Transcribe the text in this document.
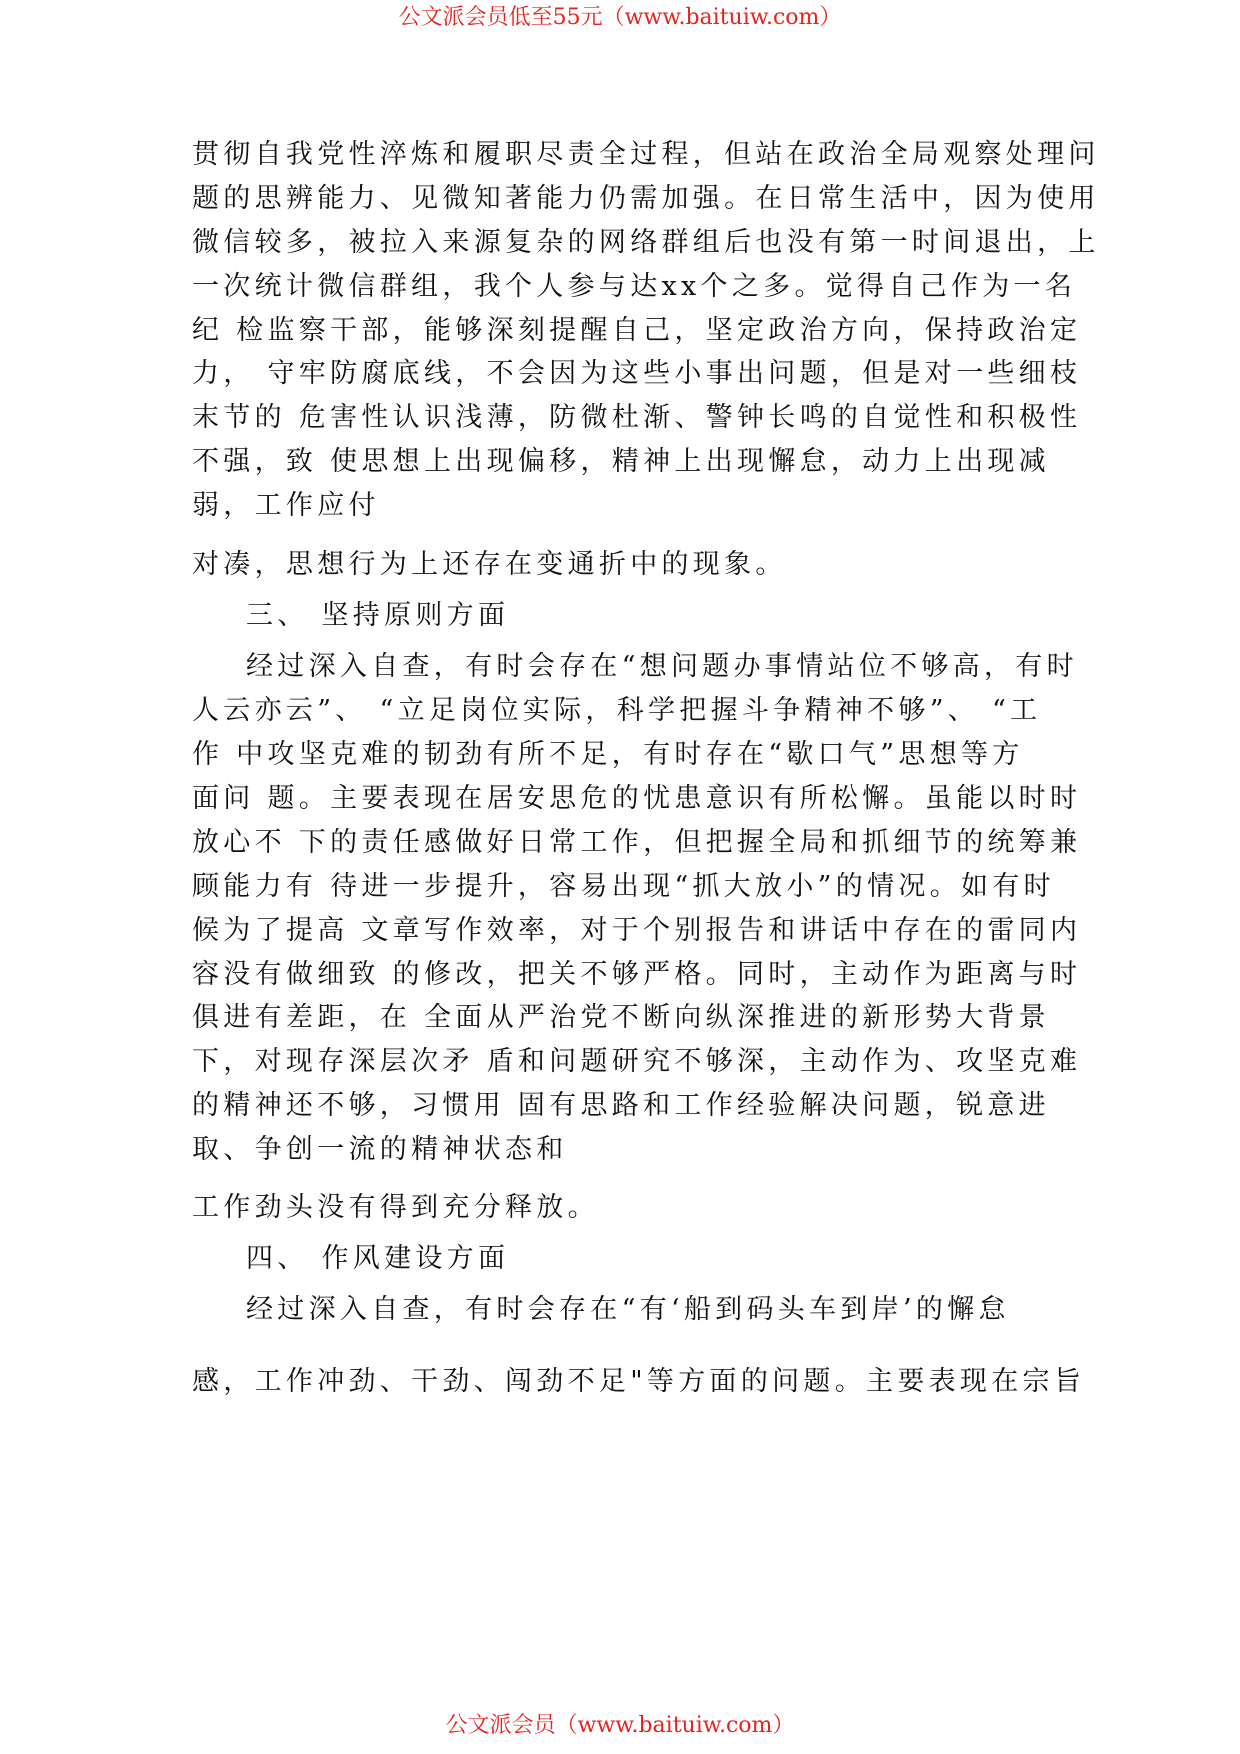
公文派会员低至55元（www.baituiw.com）
贯彻自我党性淬炼和履职尽责全过程，但站在政治全局观察处理问
题的思辨能力、见微知著能力仍需加强。在日常生活中，因为使用
微信较多，被拉入来源复杂的网络群组后也没有第一时间退出，上
一次统计微信群组，我个人参与达xx个之多。觉得自己作为一名
纪 检监察干部，能够深刻提醒自己，坚定政治方向，保持政治定
力， 守牢防腐底线，不会因为这些小事出问题，但是对一些细枝
末节的 危害性认识浅薄，防微杜渐、警钟长鸣的自觉性和积极性
不强，致 使思想上出现偏移，精神上出现懈怠，动力上出现减
弱，工作应付
对凑，思想行为上还存在变通折中的现象。
三、 坚持原则方面
经过深入自查，有时会存在“想问题办事情站位不够高，有时
人云亦云”、 “立足岗位实际，科学把握斗争精神不够”、 “工
作 中攻坚克难的韧劲有所不足，有时存在“歇口气”思想等方
面问 题。主要表现在居安思危的忧患意识有所松懈。虽能以时时
放心不 下的责任感做好日常工作，但把握全局和抓细节的统筹兼
顾能力有 待进一步提升，容易出现“抓大放小”的情况。如有时
候为了提高 文章写作效率，对于个别报告和讲话中存在的雷同内
容没有做细致 的修改，把关不够严格。同时，主动作为距离与时
俱进有差距，在 全面从严治党不断向纵深推进的新形势大背景
下，对现存深层次矛 盾和问题研究不够深，主动作为、攻坚克难
的精神还不够，习惯用 固有思路和工作经验解决问题，锐意进
取、争创一流的精神状态和
工作劲头没有得到充分释放。
四、 作风建设方面
经过深入自查，有时会存在“有‘船到码头车到岸’的懈怠
感，工作冲劲、干劲、闯劲不足"等方面的问题。主要表现在宗旨
公文派会员（www.baituiw.com）
